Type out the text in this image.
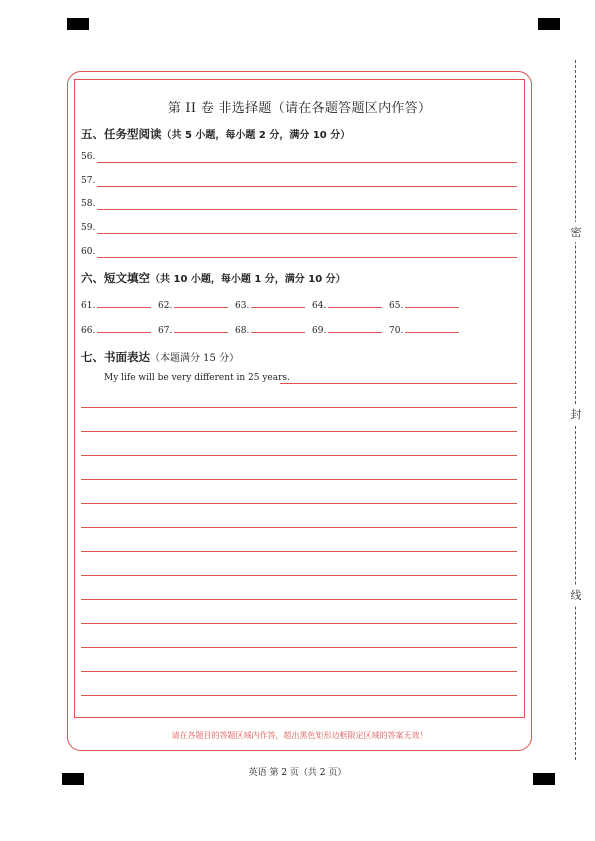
密
封
线
第 II 卷 非选择题（请在各题答题区内作答）
五、任务型阅读（共 5 小题，每小题 2 分，满分 10 分）
56.
57.
58.
59.
60.
六、短文填空（共 10 小题，每小题 1 分，满分 10 分）
61.	62.	63.	64.	65.
66.	67.	68.	69.	70.
七、书面表达（本题满分 15 分）
My life will be very different in 25 years.
请在各题目的答题区域内作答，超出黑色矩形边框限定区域的答案无效！
英语 第 2 页（共 2 页）
